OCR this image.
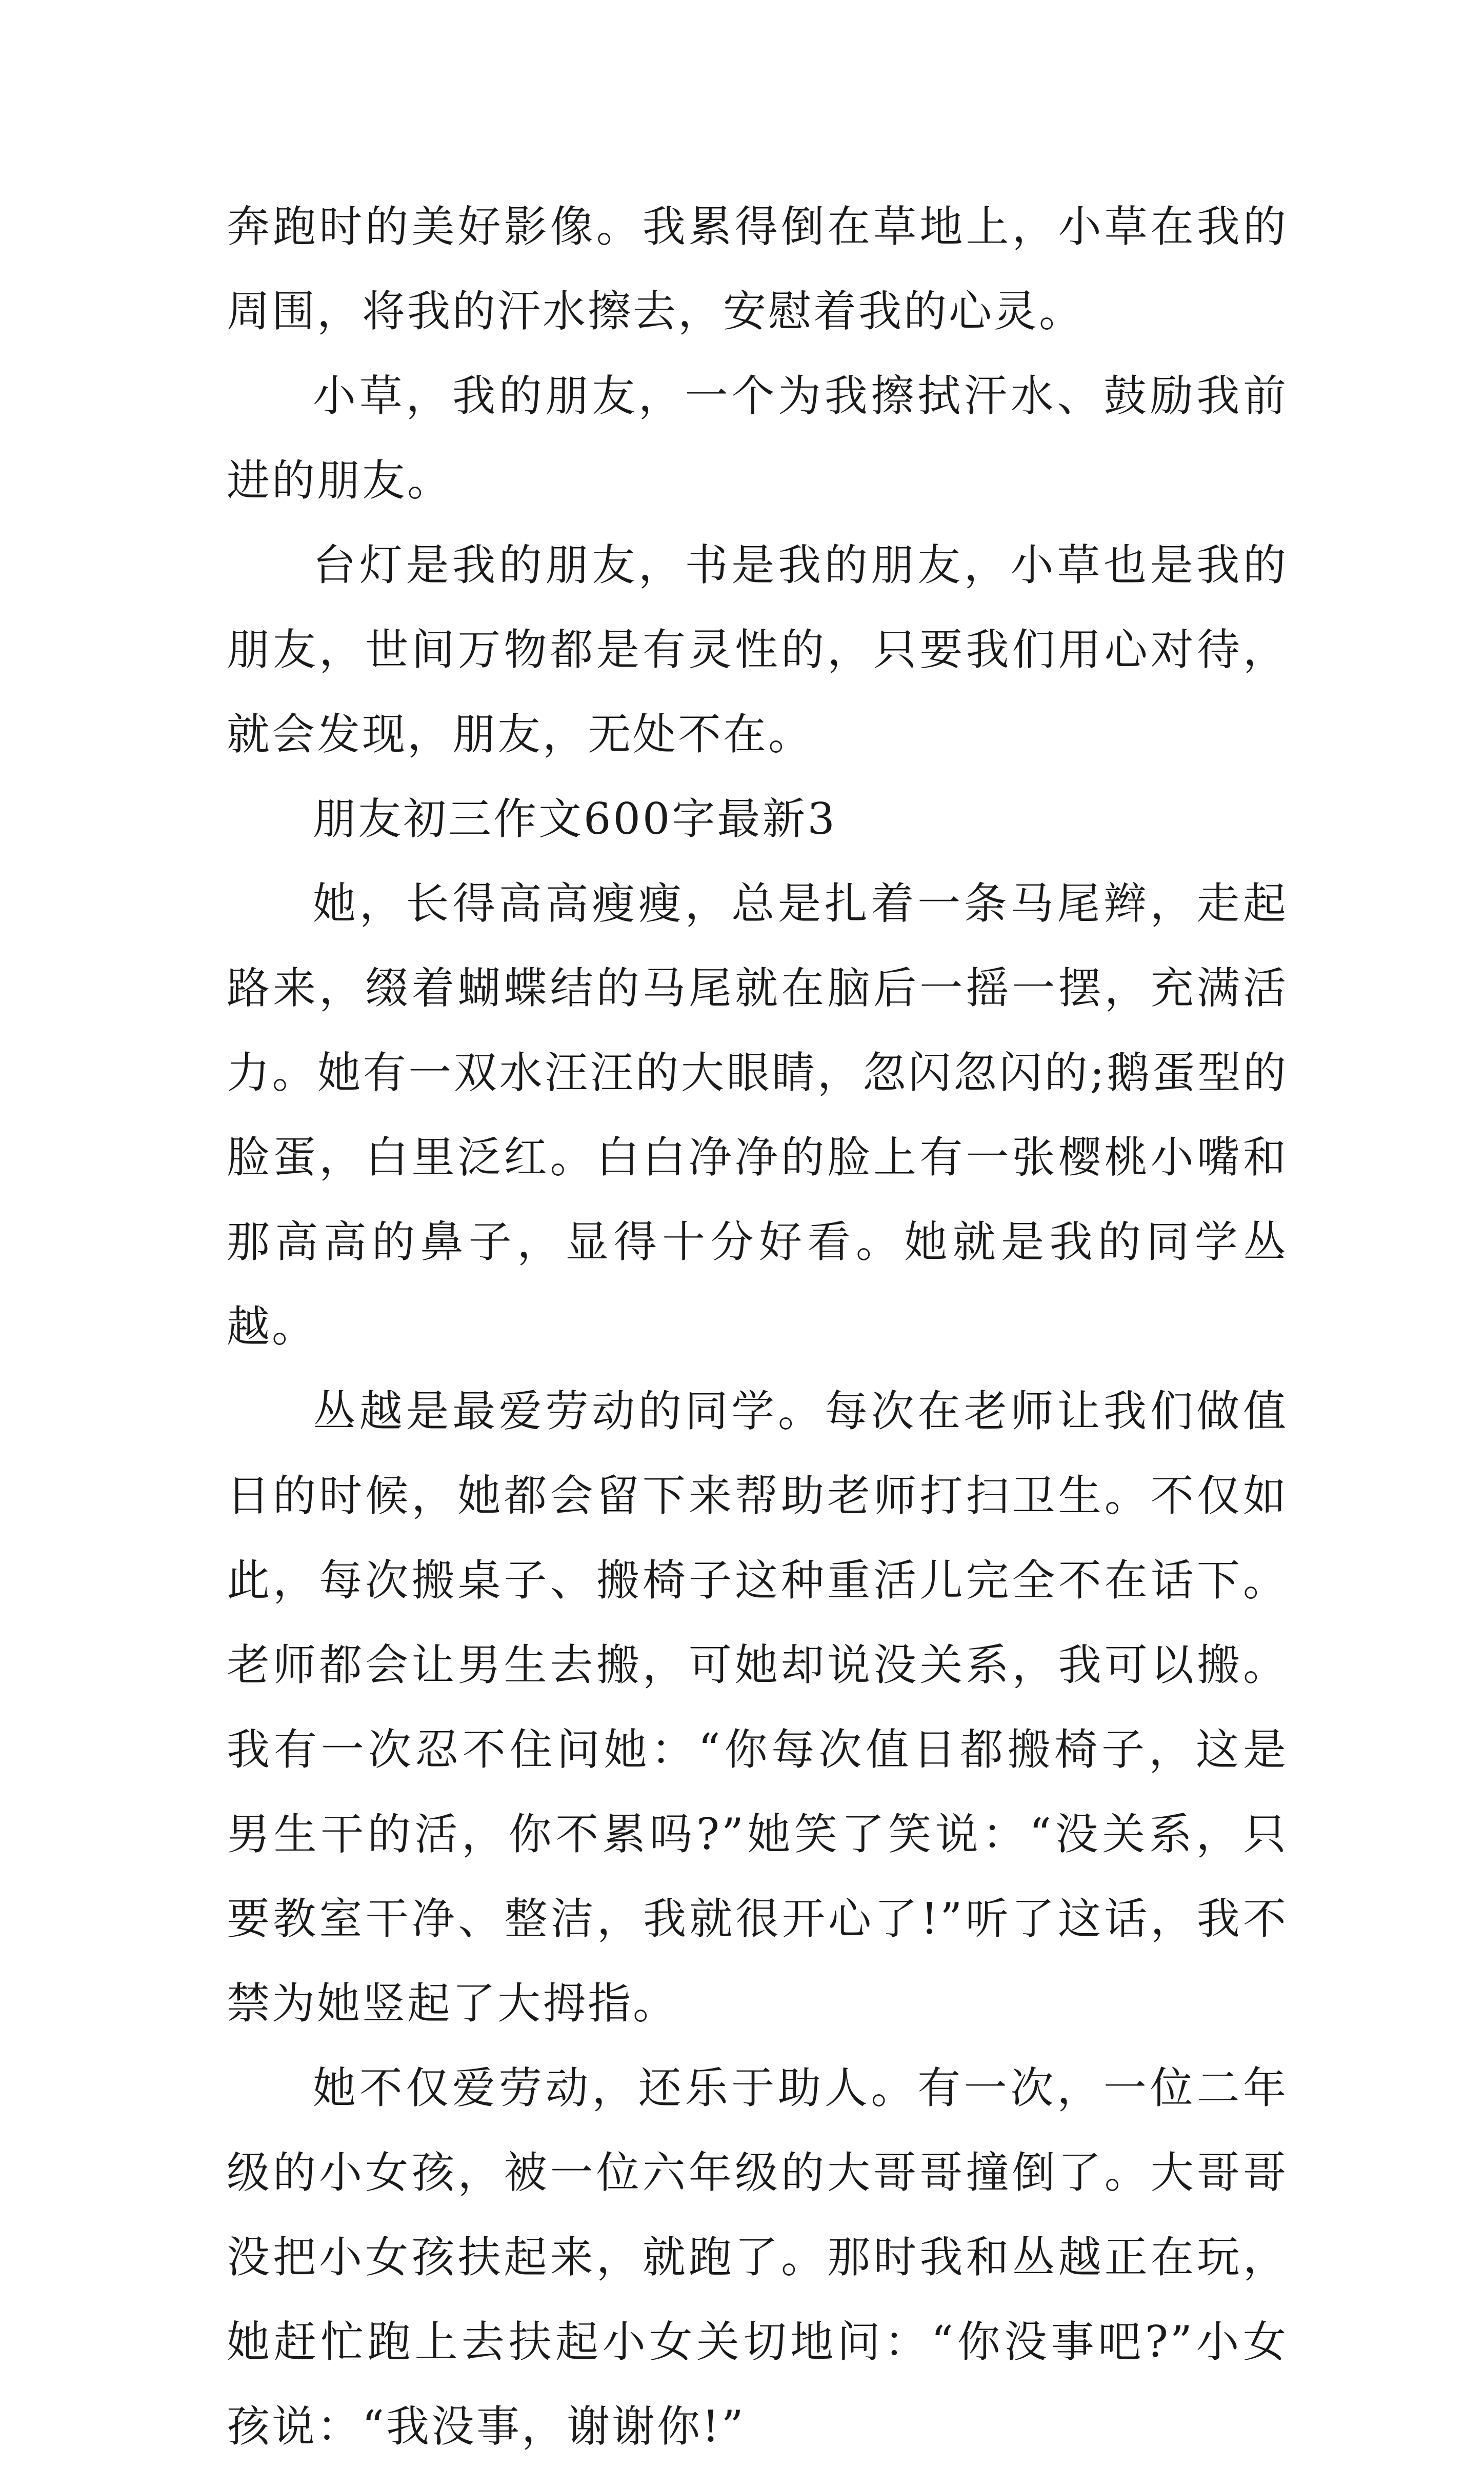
奔跑时的美好影像。我累得倒在草地上，小草在我的周围，将我的汗水擦去，安慰着我的心灵。

小草，我的朋友，一个为我擦拭汗水、鼓励我前进的朋友。

台灯是我的朋友，书是我的朋友，小草也是我的朋友，世间万物都是有灵性的，只要我们用心对待，就会发现，朋友，无处不在。

朋友初三作文600字最新3

她，长得高高瘦瘦，总是扎着一条马尾辫，走起路来，缀着蝴蝶结的马尾就在脑后一摇一摆，充满活力。她有一双水汪汪的大眼睛，忽闪忽闪的;鹅蛋型的脸蛋，白里泛红。白白净净的脸上有一张樱桃小嘴和那高高的鼻子，显得十分好看。她就是我的同学丛越。

丛越是最爱劳动的同学。每次在老师让我们做值日的时候，她都会留下来帮助老师打扫卫生。不仅如此，每次搬桌子、搬椅子这种重活儿完全不在话下。老师都会让男生去搬，可她却说没关系，我可以搬。我有一次忍不住问她：“你每次值日都搬椅子，这是男生干的活，你不累吗?”她笑了笑说：“没关系，只要教室干净、整洁，我就很开心了!”听了这话，我不禁为她竖起了大拇指。

她不仅爱劳动，还乐于助人。有一次，一位二年级的小女孩，被一位六年级的大哥哥撞倒了。大哥哥没把小女孩扶起来，就跑了。那时我和丛越正在玩，她赶忙跑上去扶起小女关切地问：“你没事吧?”小女孩说：“我没事，谢谢你!”
